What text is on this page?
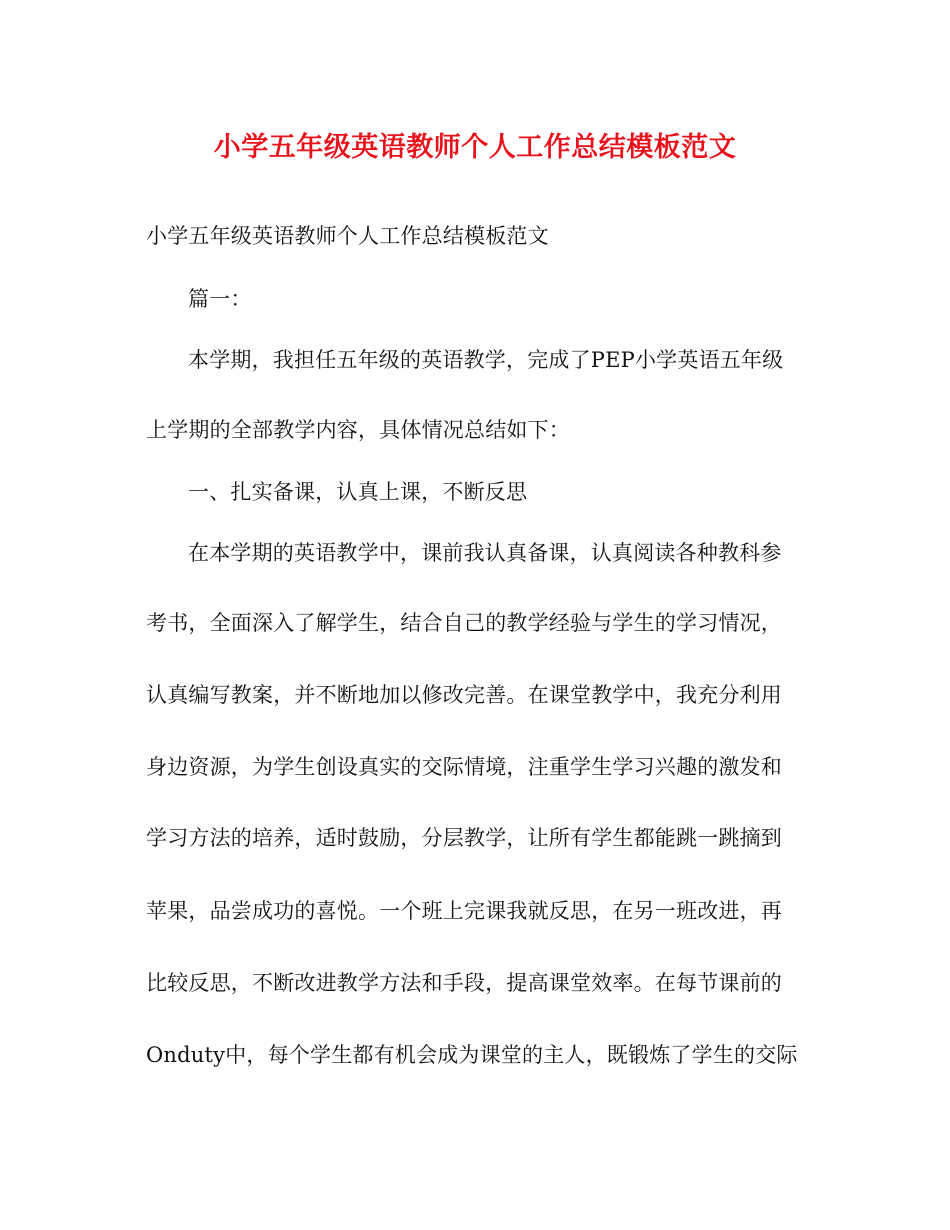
小学五年级英语教师个人工作总结模板范文
小学五年级英语教师个人工作总结模板范文
篇一：
本学期，我担任五年级的英语教学，完成了PEP小学英语五年级
上学期的全部教学内容，具体情况总结如下：
一、扎实备课，认真上课，不断反思
在本学期的英语教学中，课前我认真备课，认真阅读各种教科参
考书，全面深入了解学生，结合自己的教学经验与学生的学习情况，
认真编写教案，并不断地加以修改完善。在课堂教学中，我充分利用
身边资源，为学生创设真实的交际情境，注重学生学习兴趣的激发和
学习方法的培养，适时鼓励，分层教学，让所有学生都能跳一跳摘到
苹果，品尝成功的喜悦。一个班上完课我就反思，在另一班改进，再
比较反思，不断改进教学方法和手段，提高课堂效率。在每节课前的
Onduty中，每个学生都有机会成为课堂的主人，既锻炼了学生的交际
